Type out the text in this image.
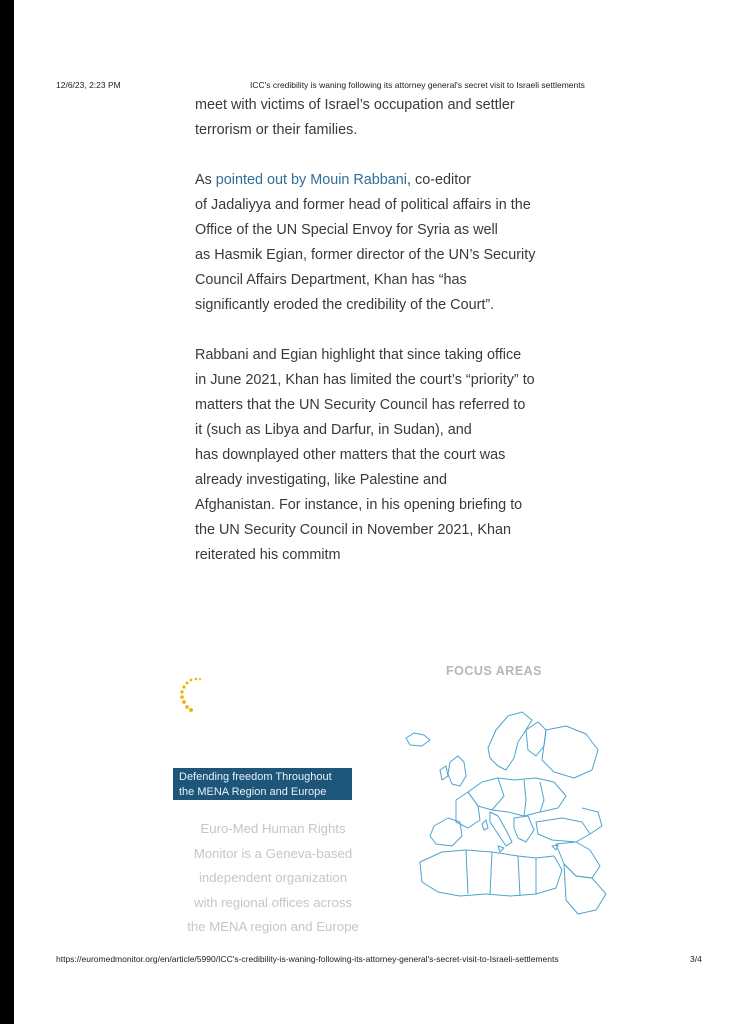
·
12/6/23, 2:23 PM	ICC's credibility is waning following its attorney general's secret visit to Israeli settlements
meet with victims of Israel’s occupation and settler
terrorism or their families.
As pointed out by Mouin Rabbani, co-editor
of Jadaliyya and former head of political affairs in the
Office of the UN Special Envoy for Syria as well
as Hasmik Egian, former director of the UN’s Security
Council Affairs Department, Khan has “has
significantly eroded the credibility of the Court”.
Rabbani and Egian highlight that since taking office
in June 2021, Khan has limited the court’s “priority” to
matters that the UN Security Council has referred to
it (such as Libya and Darfur, in Sudan), and
has downplayed other matters that the court was
already investigating, like Palestine and
Afghanistan. For instance, in his opening briefing to
the UN Security Council in November 2021, Khan
reiterated his commitm
FOCUS AREAS
Defending freedom Throughout
the MENA Region and Europe
Euro-Med Human Rights
Monitor is a Geneva-based
independent organization
with regional offices across
the MENA region and Europe
https://euromedmonitor.org/en/article/5990/ICC's-credibility-is-waning-following-its-attorney-general's-secret-visit-to-Israeli-settlements	3/4
